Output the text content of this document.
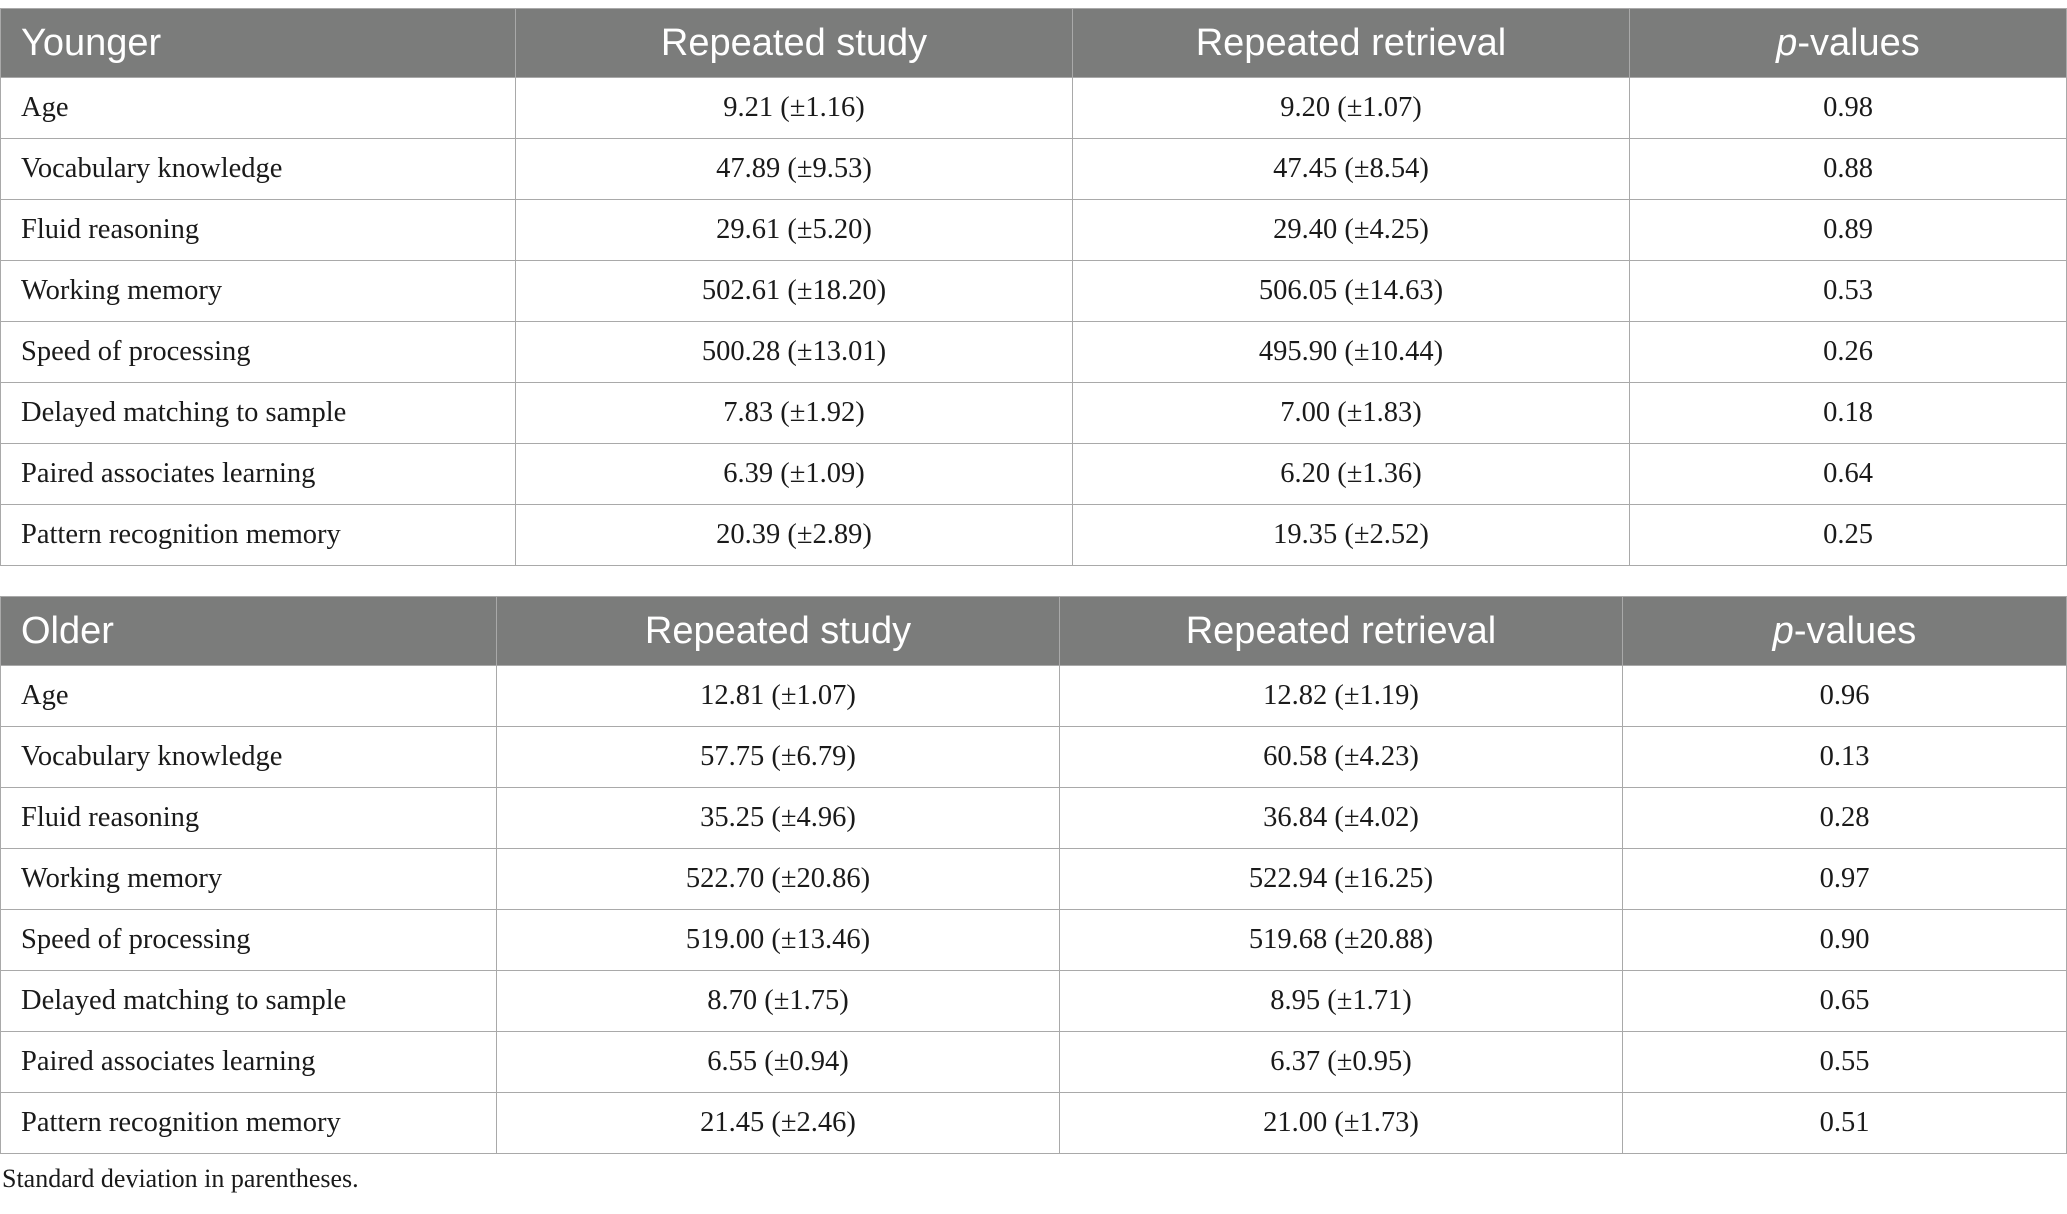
Younger	Repeated study	Repeated retrieval	p-values
Age	9.21 (±1.16)	9.20 (±1.07)	0.98
Vocabulary knowledge	47.89 (±9.53)	47.45 (±8.54)	0.88
Fluid reasoning	29.61 (±5.20)	29.40 (±4.25)	0.89
Working memory	502.61 (±18.20)	506.05 (±14.63)	0.53
Speed of processing	500.28 (±13.01)	495.90 (±10.44)	0.26
Delayed matching to sample	7.83 (±1.92)	7.00 (±1.83)	0.18
Paired associates learning	6.39 (±1.09)	6.20 (±1.36)	0.64
Pattern recognition memory	20.39 (±2.89)	19.35 (±2.52)	0.25
Older	Repeated study	Repeated retrieval	p-values
Age	12.81 (±1.07)	12.82 (±1.19)	0.96
Vocabulary knowledge	57.75 (±6.79)	60.58 (±4.23)	0.13
Fluid reasoning	35.25 (±4.96)	36.84 (±4.02)	0.28
Working memory	522.70 (±20.86)	522.94 (±16.25)	0.97
Speed of processing	519.00 (±13.46)	519.68 (±20.88)	0.90
Delayed matching to sample	8.70 (±1.75)	8.95 (±1.71)	0.65
Paired associates learning	6.55 (±0.94)	6.37 (±0.95)	0.55
Pattern recognition memory	21.45 (±2.46)	21.00 (±1.73)	0.51
Standard deviation in parentheses.
